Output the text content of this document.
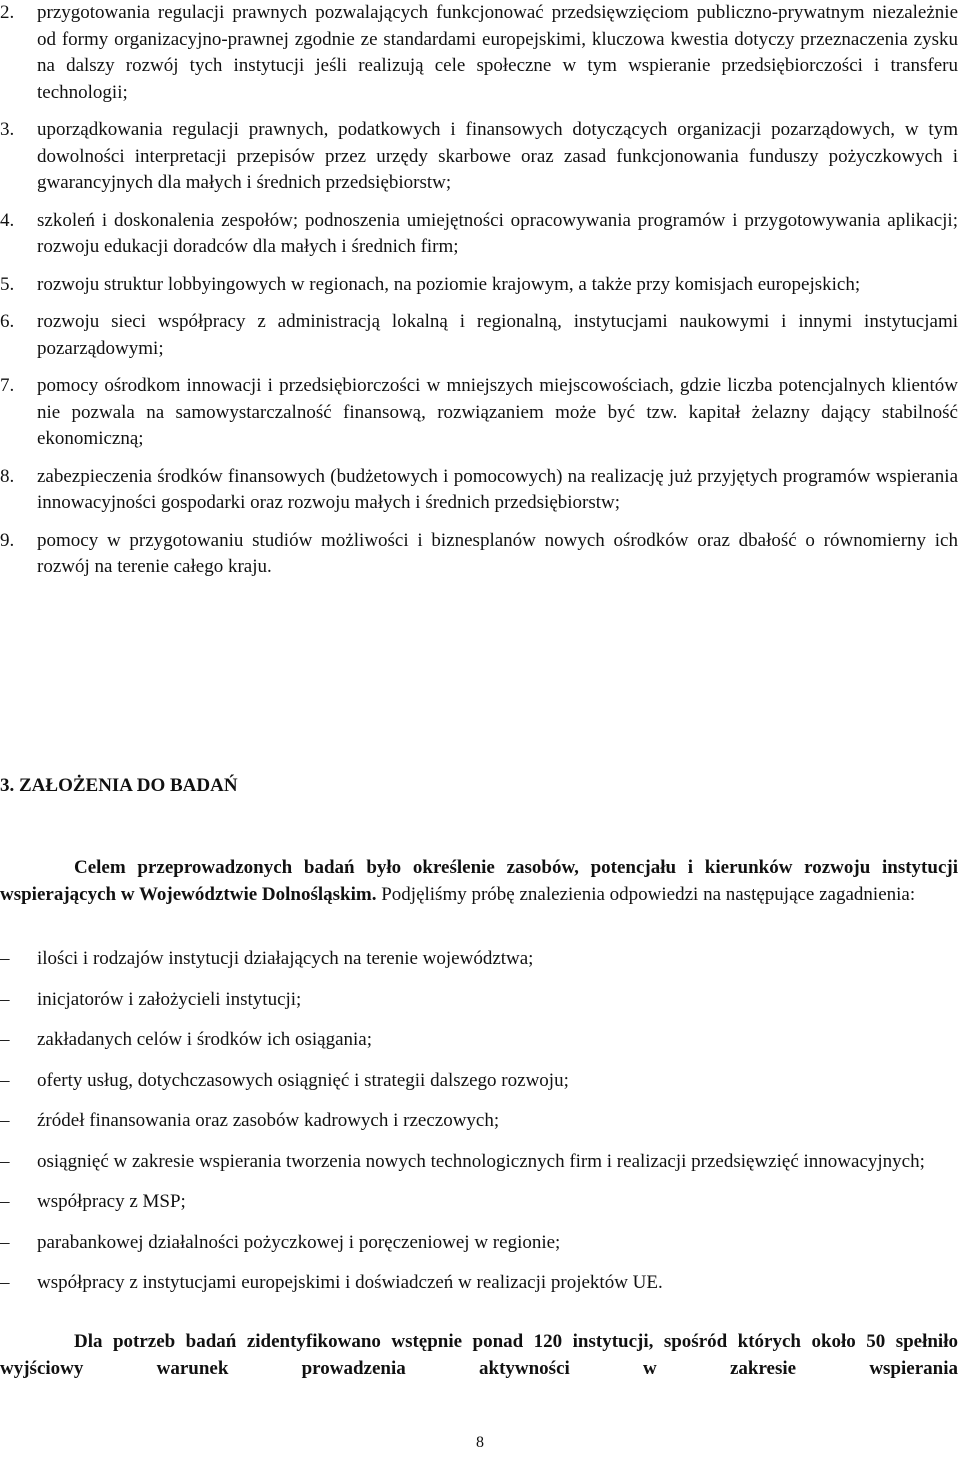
2.	przygotowania regulacji prawnych pozwalających funkcjonować przedsięwzięciom publiczno-prywatnym niezależnie od formy organizacyjno-prawnej zgodnie ze standardami europejskimi, kluczowa kwestia dotyczy przeznaczenia zysku na dalszy rozwój tych instytucji jeśli realizują cele społeczne w tym wspieranie przedsiębiorczości i transferu technologii;
3.	uporządkowania regulacji prawnych, podatkowych i finansowych dotyczących organizacji pozarządowych, w tym dowolności interpretacji przepisów przez urzędy skarbowe oraz zasad funkcjonowania funduszy pożyczkowych i gwarancyjnych dla małych i średnich przedsiębiorstw;
4.	szkoleń i doskonalenia zespołów; podnoszenia umiejętności opracowywania programów i przygotowywania aplikacji; rozwoju edukacji doradców dla małych i średnich firm;
5.	rozwoju struktur lobbyingowych w regionach, na poziomie krajowym, a także przy komisjach europejskich;
6.	rozwoju sieci współpracy z administracją lokalną i regionalną, instytucjami naukowymi i innymi instytucjami pozarządowymi;
7.	pomocy ośrodkom innowacji i przedsiębiorczości w mniejszych miejscowościach, gdzie liczba potencjalnych klientów nie pozwala na samowystarczalność finansową, rozwiązaniem może być tzw. kapitał żelazny dający stabilność ekonomiczną;
8.	zabezpieczenia środków finansowych (budżetowych i pomocowych) na realizację już przyjętych programów wspierania innowacyjności gospodarki oraz rozwoju małych i średnich przedsiębiorstw;
9.	pomocy w przygotowaniu studiów możliwości i biznesplanów nowych ośrodków oraz dbałość o równomierny ich rozwój na terenie całego kraju.
3. ZAŁOŻENIA DO BADAŃ
Celem przeprowadzonych badań było określenie zasobów, potencjału i kierunków rozwoju instytucji wspierających w Województwie Dolnośląskim. Podjęliśmy próbę znalezienia odpowiedzi na następujące zagadnienia:
–	ilości i rodzajów instytucji działających na terenie województwa;
–	inicjatorów i założycieli instytucji;
–	zakładanych celów i środków ich osiągania;
–	oferty usług, dotychczasowych osiągnięć i strategii dalszego rozwoju;
–	źródeł finansowania oraz zasobów kadrowych i rzeczowych;
–	osiągnięć w zakresie wspierania tworzenia nowych technologicznych firm i realizacji przedsięwzięć innowacyjnych;
–	współpracy z MSP;
–	parabankowej działalności pożyczkowej i poręczeniowej w regionie;
–	współpracy z instytucjami europejskimi i doświadczeń w realizacji projektów UE.
Dla potrzeb badań zidentyfikowano wstępnie ponad 120 instytucji, spośród których około 50 spełniło wyjściowy warunek prowadzenia aktywności w zakresie wspierania
8
